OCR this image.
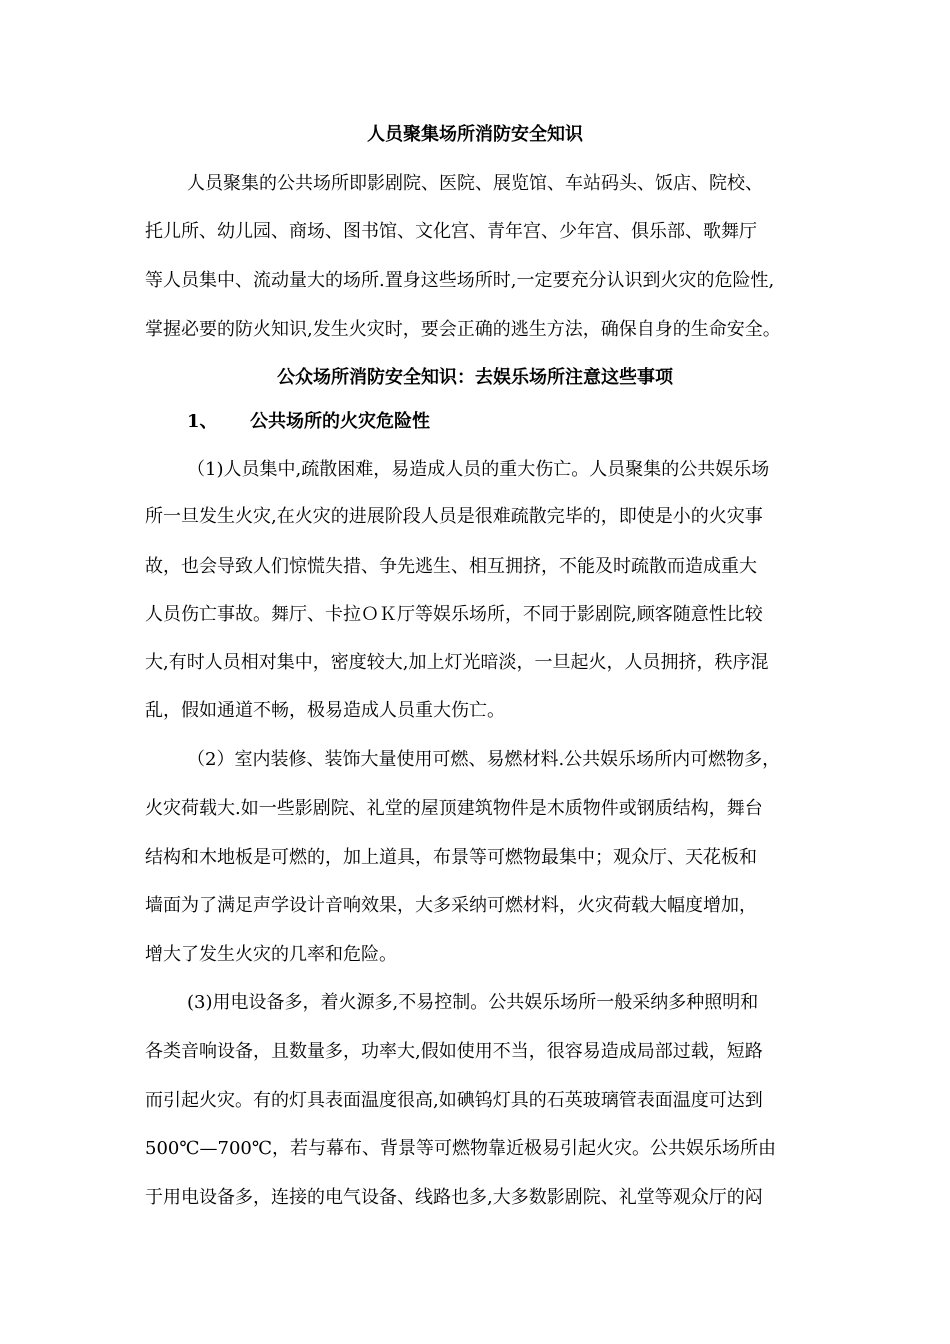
人员聚集场所消防安全知识
人员聚集的公共场所即影剧院、医院、展览馆、车站码头、饭店、院校、
托儿所、幼儿园、商场、图书馆、文化宫、青年宫、少年宫、俱乐部、歌舞厅
等人员集中、流动量大的场所.置身这些场所时,一定要充分认识到火灾的危险性,
掌握必要的防火知识,发生火灾时，要会正确的逃生方法，确保自身的生命安全。
公众场所消防安全知识：去娱乐场所注意这些事项
1、 公共场所的火灾危险性
（1)人员集中,疏散困难，易造成人员的重大伤亡。人员聚集的公共娱乐场
所一旦发生火灾,在火灾的进展阶段人员是很难疏散完毕的，即使是小的火灾事
故，也会导致人们惊慌失措、争先逃生、相互拥挤，不能及时疏散而造成重大
人员伤亡事故。舞厅、卡拉ＯＫ厅等娱乐场所，不同于影剧院,顾客随意性比较
大,有时人员相对集中，密度较大,加上灯光暗淡，一旦起火，人员拥挤，秩序混
乱，假如通道不畅，极易造成人员重大伤亡。
（2）室内装修、装饰大量使用可燃、易燃材料.公共娱乐场所内可燃物多，
火灾荷载大.如一些影剧院、礼堂的屋顶建筑物件是木质物件或钢质结构，舞台
结构和木地板是可燃的，加上道具，布景等可燃物最集中；观众厅、天花板和
墙面为了满足声学设计音响效果，大多采纳可燃材料，火灾荷载大幅度增加，
增大了发生火灾的几率和危险。
(3)用电设备多，着火源多,不易控制。公共娱乐场所一般采纳多种照明和
各类音响设备，且数量多，功率大,假如使用不当，很容易造成局部过载，短路
而引起火灾。有的灯具表面温度很高,如碘钨灯具的石英玻璃管表面温度可达到
500℃—700℃，若与幕布、背景等可燃物靠近极易引起火灾。公共娱乐场所由
于用电设备多，连接的电气设备、线路也多,大多数影剧院、礼堂等观众厅的闷
